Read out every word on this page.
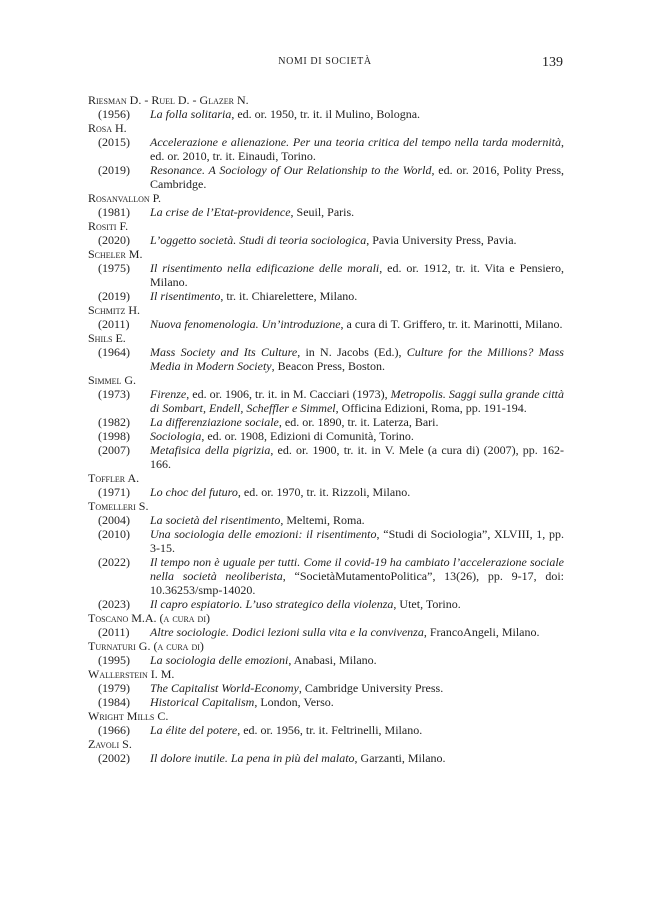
NOMI DI SOCIETÀ	139
Riesman D. - Ruel D. - Glazer N.
(1956)	La folla solitaria, ed. or. 1950, tr. it. il Mulino, Bologna.
Rosa H.
(2015)	Accelerazione e alienazione. Per una teoria critica del tempo nella tarda modernità, ed. or. 2010, tr. it. Einaudi, Torino.
(2019)	Resonance. A Sociology of Our Relationship to the World, ed. or. 2016, Polity Press, Cambridge.
Rosanvallon P.
(1981)	La crise de l’Etat-providence, Seuil, Paris.
Rositi F.
(2020)	L’oggetto società. Studi di teoria sociologica, Pavia University Press, Pavia.
Scheler M.
(1975)	Il risentimento nella edificazione delle morali, ed. or. 1912, tr. it. Vita e Pensiero, Milano.
(2019)	Il risentimento, tr. it. Chiarelettere, Milano.
Schmitz H.
(2011)	Nuova fenomenologia. Un’introduzione, a cura di T. Griffero, tr. it. Marinotti, Milano.
Shils E.
(1964)	Mass Society and Its Culture, in N. Jacobs (Ed.), Culture for the Millions? Mass Media in Modern Society, Beacon Press, Boston.
Simmel G.
(1973)	Firenze, ed. or. 1906, tr. it. in M. Cacciari (1973), Metropolis. Saggi sulla grande città di Sombart, Endell, Scheffler e Simmel, Officina Edizioni, Roma, pp. 191-194.
(1982)	La differenziazione sociale, ed. or. 1890, tr. it. Laterza, Bari.
(1998)	Sociologia, ed. or. 1908, Edizioni di Comunità, Torino.
(2007)	Metafisica della pigrizia, ed. or. 1900, tr. it. in V. Mele (a cura di) (2007), pp. 162-166.
Toffler A.
(1971)	Lo choc del futuro, ed. or. 1970, tr. it. Rizzoli, Milano.
Tomelleri S.
(2004)	La società del risentimento, Meltemi, Roma.
(2010)	Una sociologia delle emozioni: il risentimento, “Studi di Sociologia”, XLVIII, 1, pp. 3-15.
(2022)	Il tempo non è uguale per tutti. Come il covid-19 ha cambiato l’accelerazione sociale nella società neoliberista, “SocietàMutamentoPolitica”, 13(26), pp. 9-17, doi: 10.36253/smp-14020.
(2023)	Il capro espiatorio. L’uso strategico della violenza, Utet, Torino.
Toscano M.A. (a cura di)
(2011)	Altre sociologie. Dodici lezioni sulla vita e la convivenza, FrancoAngeli, Milano.
Turnaturi G. (a cura di)
(1995)	La sociologia delle emozioni, Anabasi, Milano.
Wallerstein I. M.
(1979)	The Capitalist World-Economy, Cambridge University Press.
(1984)	Historical Capitalism, London, Verso.
Wright Mills C.
(1966)	La élite del potere, ed. or. 1956, tr. it. Feltrinelli, Milano.
Zavoli S.
(2002)	Il dolore inutile. La pena in più del malato, Garzanti, Milano.
